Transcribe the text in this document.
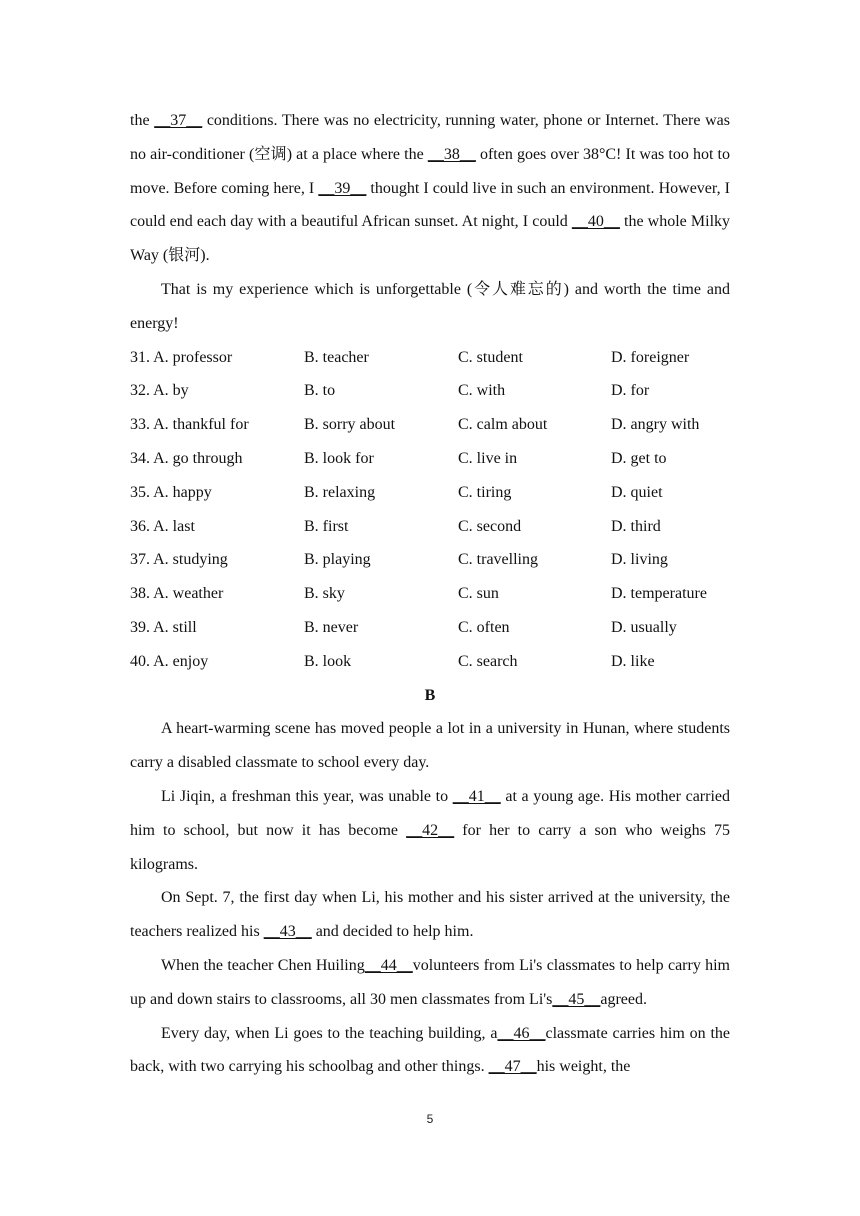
the __37__ conditions. There was no electricity, running water, phone or Internet. There was no air-conditioner (空调) at a place where the __38__ often goes over 38°C! It was too hot to move. Before coming here, I __39__ thought I could live in such an environment. However, I could end each day with a beautiful African sunset. At night, I could __40__ the whole Milky Way (银河).

That is my experience which is unforgettable (令人难忘的) and worth the time and energy!

31. A. professor	B. teacher	C. student	D. foreigner
32. A. by	B. to	C. with	D. for
33. A. thankful for	B. sorry about	C. calm about	D. angry with
34. A. go through	B. look for	C. live in	D. get to
35. A. happy	B. relaxing	C. tiring	D. quiet
36. A. last	B. first	C. second	D. third
37. A. studying	B. playing	C. travelling	D. living
38. A. weather	B. sky	C. sun	D. temperature
39. A. still	B. never	C. often	D. usually
40. A. enjoy	B. look	C. search	D. like
B

A heart-warming scene has moved people a lot in a university in Hunan, where students carry a disabled classmate to school every day.

Li Jiqin, a freshman this year, was unable to __41__ at a young age. His mother carried him to school, but now it has become __42__ for her to carry a son who weighs 75 kilograms.

On Sept. 7, the first day when Li, his mother and his sister arrived at the university, the teachers realized his __43__ and decided to help him.

When the teacher Chen Huiling__44__volunteers from Li's classmates to help carry him up and down stairs to classrooms, all 30 men classmates from Li's__45__agreed.

Every day, when Li goes to the teaching building, a__46__classmate carries him on the back, with two carrying his schoolbag and other things. __47__his weight, the

5
